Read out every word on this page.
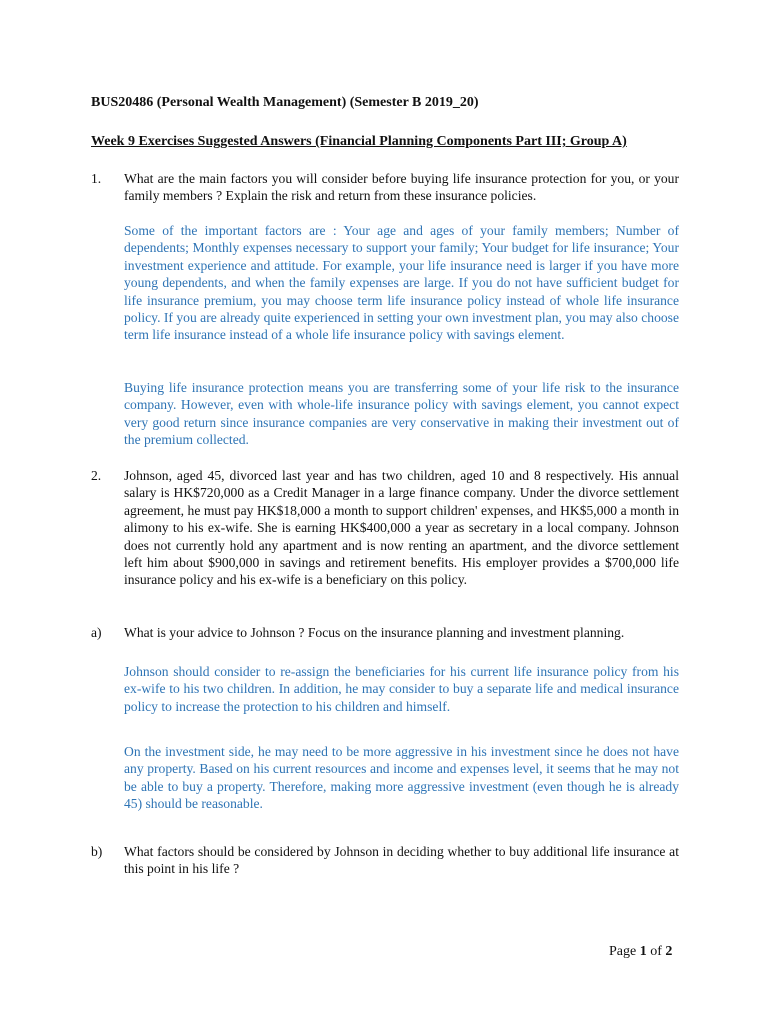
BUS20486 (Personal Wealth Management) (Semester B 2019_20)
Week 9 Exercises Suggested Answers (Financial Planning Components Part III; Group A)
1. What are the main factors you will consider before buying life insurance protection for you, or your family members ? Explain the risk and return from these insurance policies.
Some of the important factors are : Your age and ages of your family members; Number of dependents; Monthly expenses necessary to support your family; Your budget for life insurance; Your investment experience and attitude. For example, your life insurance need is larger if you have more young dependents, and when the family expenses are large. If you do not have sufficient budget for life insurance premium, you may choose term life insurance policy instead of whole life insurance policy. If you are already quite experienced in setting your own investment plan, you may also choose term life insurance instead of a whole life insurance policy with savings element.
Buying life insurance protection means you are transferring some of your life risk to the insurance company. However, even with whole-life insurance policy with savings element, you cannot expect very good return since insurance companies are very conservative in making their investment out of the premium collected.
2. Johnson, aged 45, divorced last year and has two children, aged 10 and 8 respectively. His annual salary is HK$720,000 as a Credit Manager in a large finance company. Under the divorce settlement agreement, he must pay HK$18,000 a month to support children' expenses, and HK$5,000 a month in alimony to his ex-wife. She is earning HK$400,000 a year as secretary in a local company. Johnson does not currently hold any apartment and is now renting an apartment, and the divorce settlement left him about $900,000 in savings and retirement benefits. His employer provides a $700,000 life insurance policy and his ex-wife is a beneficiary on this policy.
a) What is your advice to Johnson ? Focus on the insurance planning and investment planning.
Johnson should consider to re-assign the beneficiaries for his current life insurance policy from his ex-wife to his two children. In addition, he may consider to buy a separate life and medical insurance policy to increase the protection to his children and himself.
On the investment side, he may need to be more aggressive in his investment since he does not have any property. Based on his current resources and income and expenses level, it seems that he may not be able to buy a property. Therefore, making more aggressive investment (even though he is already 45) should be reasonable.
b) What factors should be considered by Johnson in deciding whether to buy additional life insurance at this point in his life ?
Page 1 of 2
